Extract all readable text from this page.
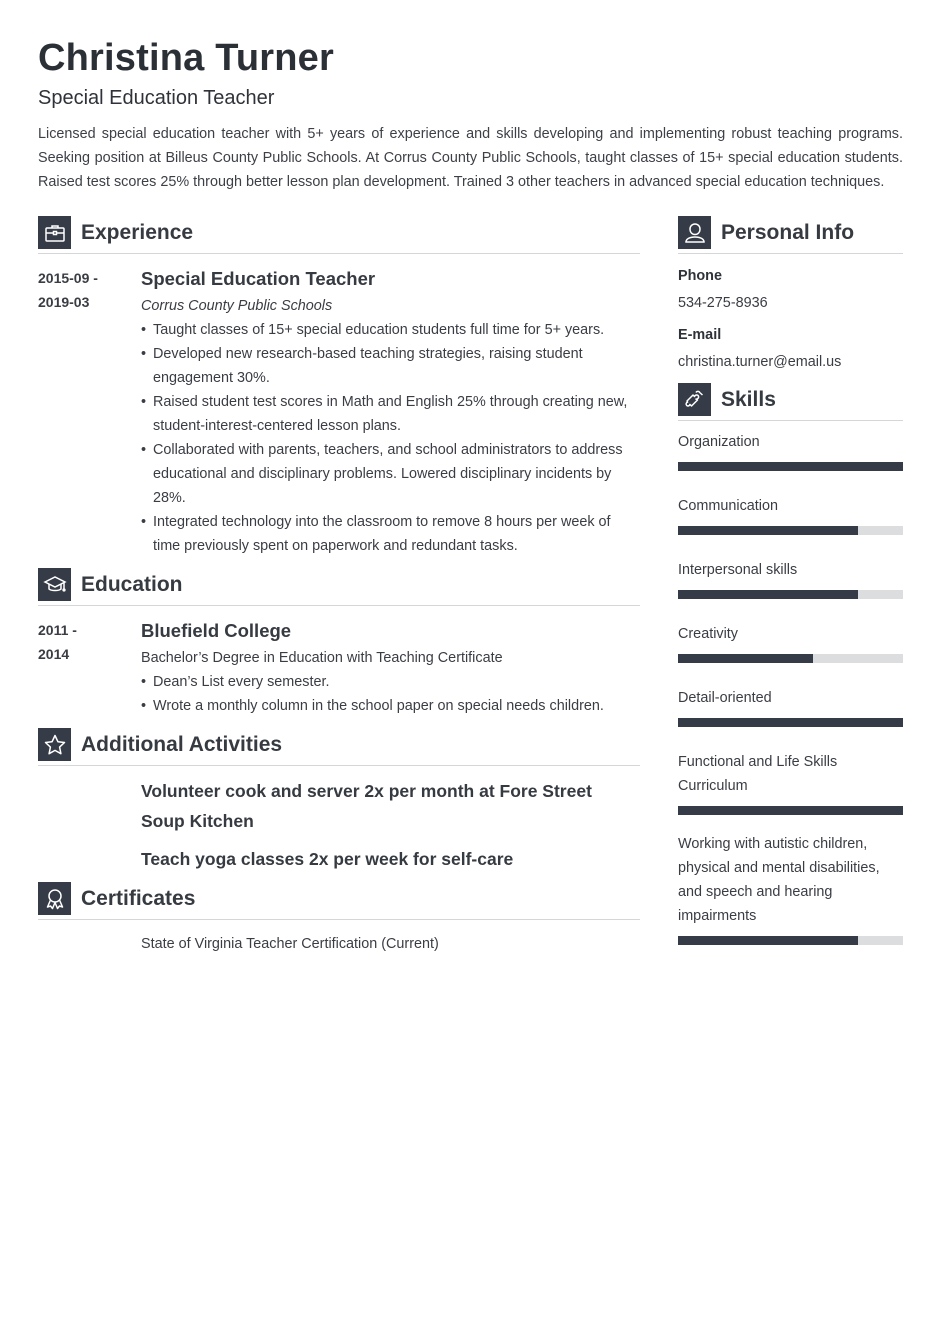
Christina Turner
Special Education Teacher

Licensed special education teacher with 5+ years of experience and skills developing and implementing robust teaching programs. Seeking position at Billeus County Public Schools. At Corrus County Public Schools, taught classes of 15+ special education students. Raised test scores 25% through better lesson plan development. Trained 3 other teachers in advanced special education techniques.

Experience
2015-09 -
2019-03
Special Education Teacher
Corrus County Public Schools
• Taught classes of 15+ special education students full time for 5+ years.
• Developed new research-based teaching strategies, raising student engagement 30%.
• Raised student test scores in Math and English 25% through creating new, student-interest-centered lesson plans.
• Collaborated with parents, teachers, and school administrators to address educational and disciplinary problems. Lowered disciplinary incidents by 28%.
• Integrated technology into the classroom to remove 8 hours per week of time previously spent on paperwork and redundant tasks.
Education
2011 -
2014
Bluefield College
Bachelor’s Degree in Education with Teaching Certificate
• Dean’s List every semester.
• Wrote a monthly column in the school paper on special needs children.
Additional Activities
Volunteer cook and server 2x per month at Fore Street Soup Kitchen
Teach yoga classes 2x per week for self-care
Certificates
State of Virginia Teacher Certification (Current)
Personal Info
Phone
534-275-8936
E-mail
christina.turner@email.us
Skills
Organization
Communication
Interpersonal skills
Creativity
Detail-oriented
Functional and Life Skills Curriculum
Working with autistic children, physical and mental disabilities, and speech and hearing impairments
